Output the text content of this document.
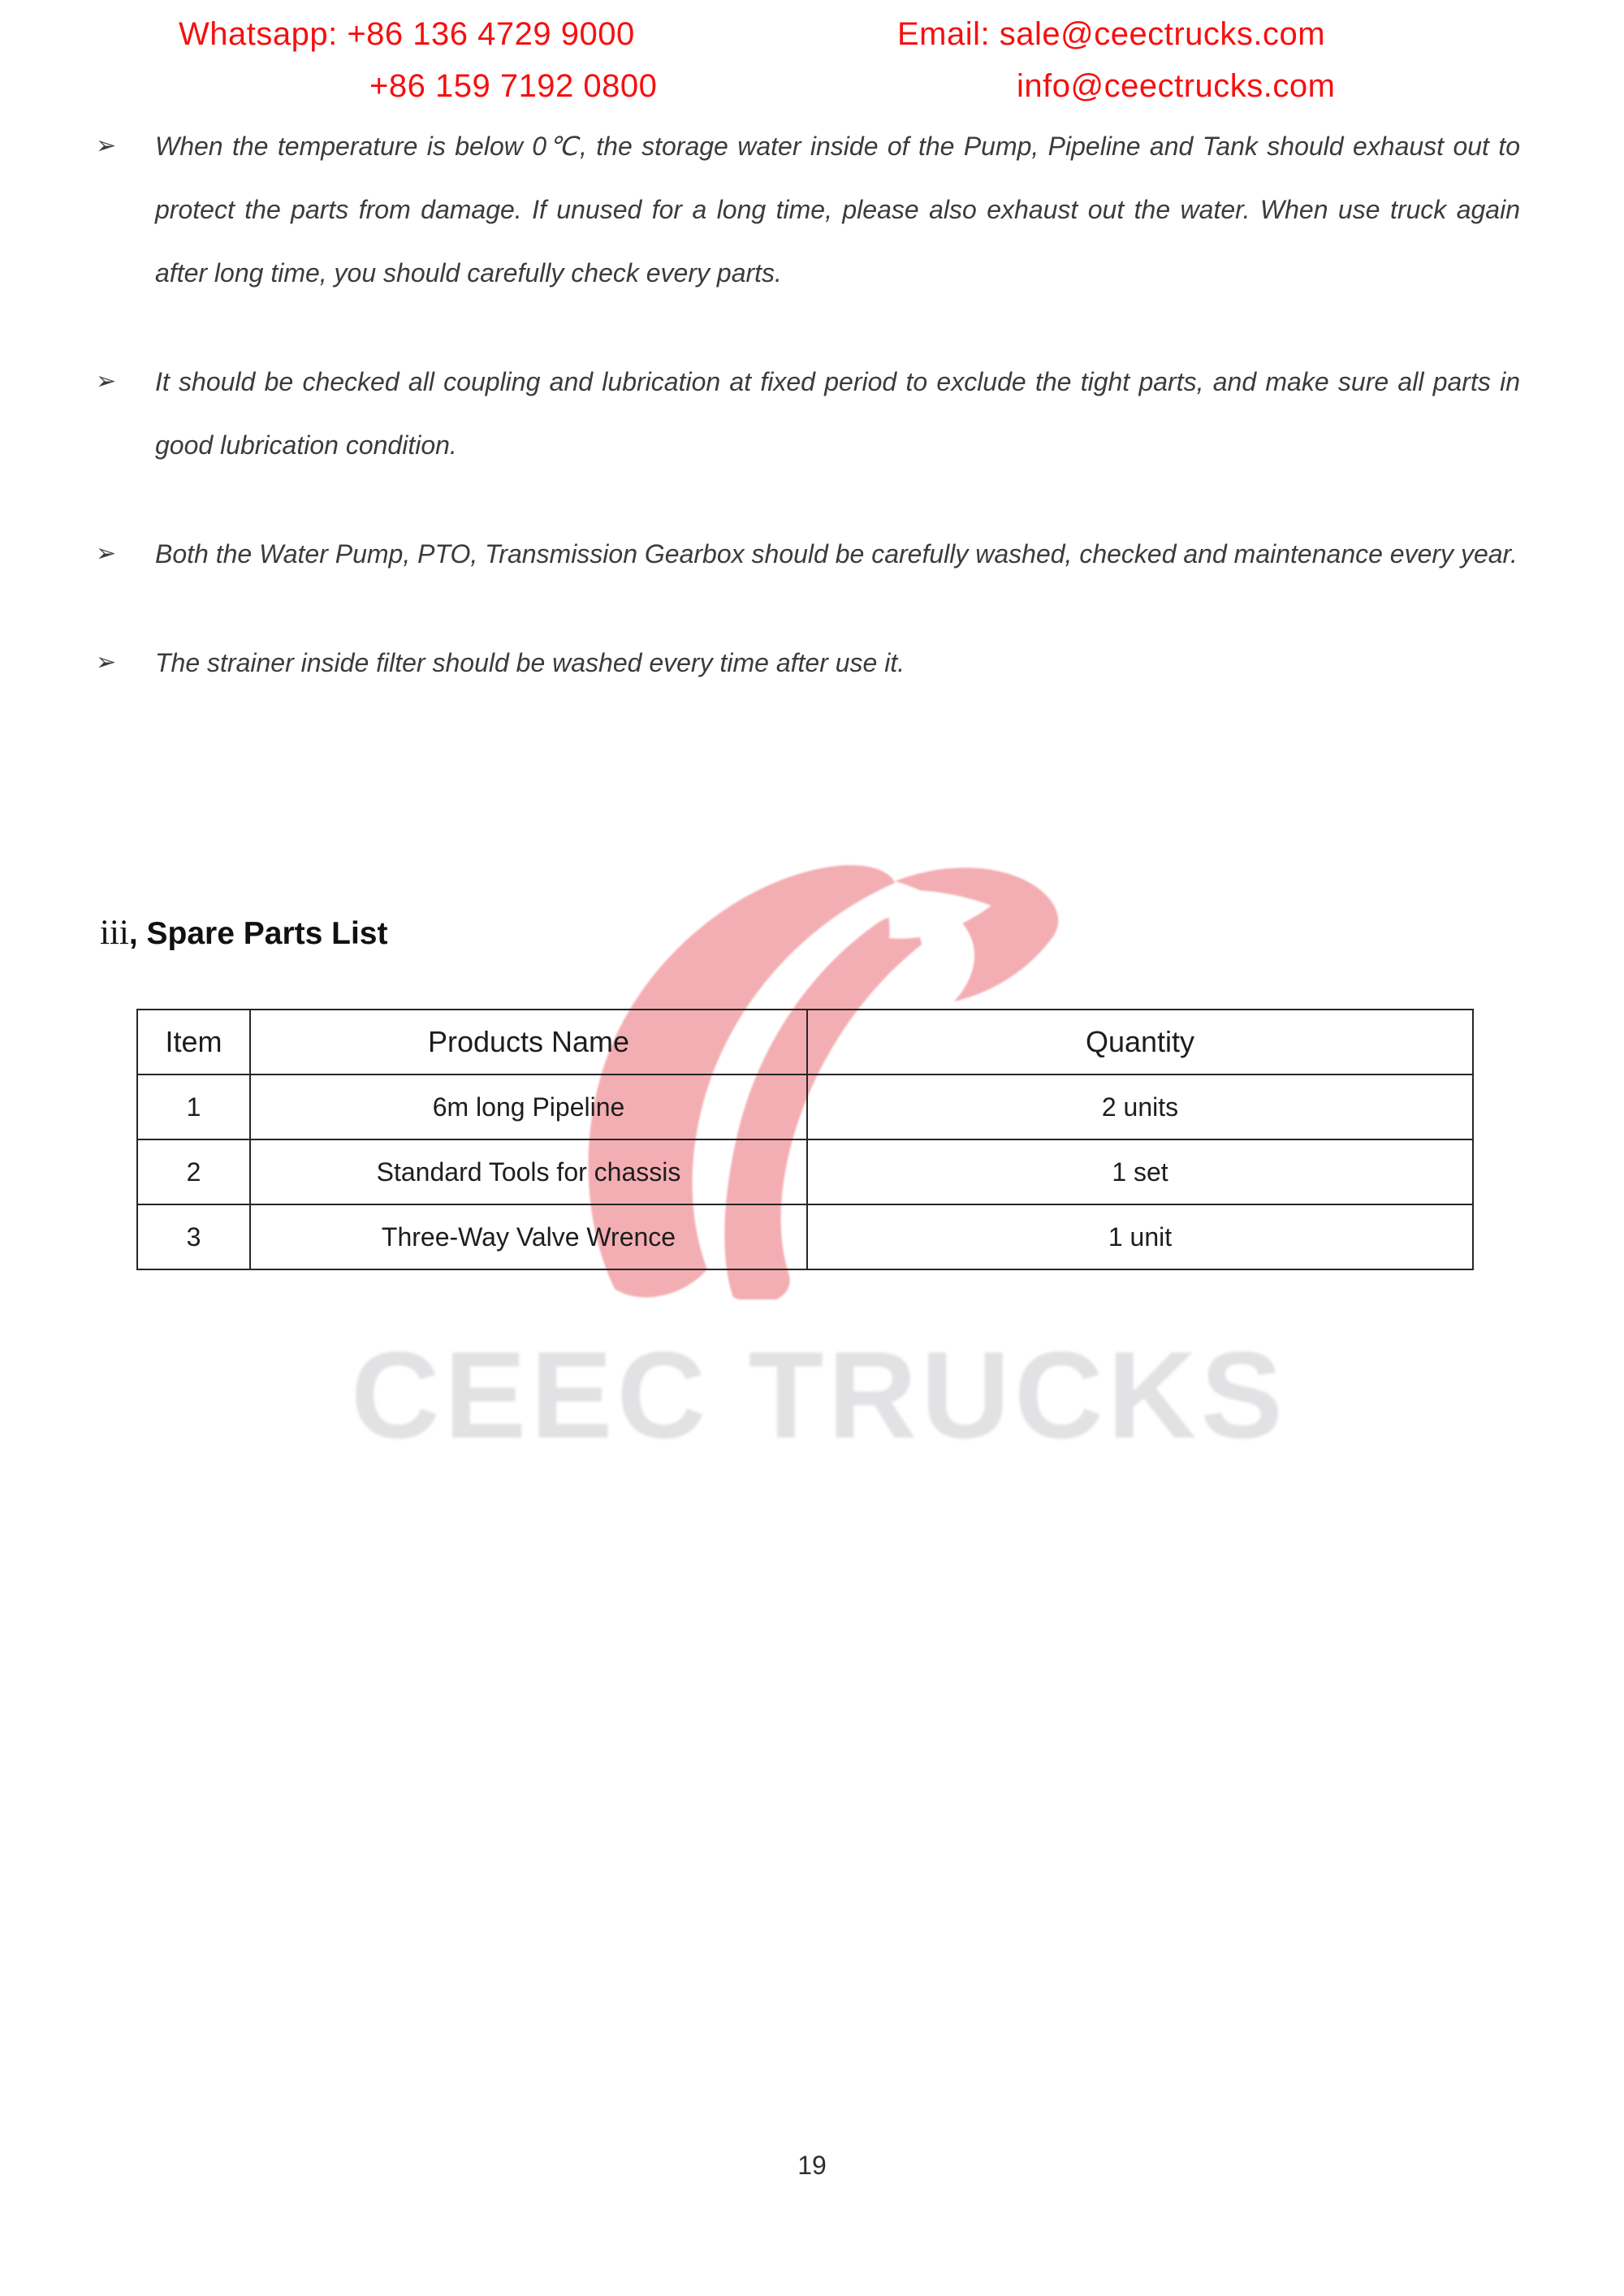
Whatsapp: +86 136 4729 9000
+86 159 7192 0800
Email: sale@ceectrucks.com
info@ceectrucks.com
➢ When the temperature is below 0℃, the storage water inside of the Pump, Pipeline and Tank should exhaust out to protect the parts from damage. If unused for a long time, please also exhaust out the water. When use truck again after long time, you should carefully check every parts.
➢ It should be checked all coupling and lubrication at fixed period to exclude the tight parts, and make sure all parts in good lubrication condition.
➢ Both the Water Pump, PTO, Transmission Gearbox should be carefully washed, checked and maintenance every year.
➢ The strainer inside filter should be washed every time after use it.
CEEC TRUCKS
iii, Spare Parts List
Item	Products Name	Quantity
1	6m long Pipeline	2 units
2	Standard Tools for chassis	1 set
3	Three-Way Valve Wrence	1 unit
19
